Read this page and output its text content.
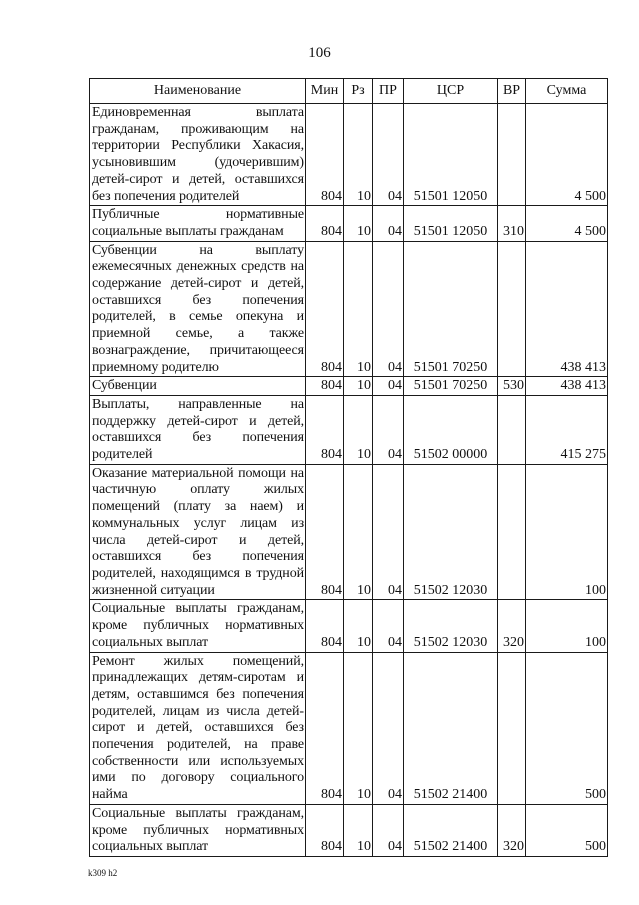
106
Наименование	Мин	Рз	ПР	ЦСР	ВР	Сумма
Единовременная выплата гражданам, проживающим на территории Республики Хакасия, усыновившим (удочерившим) детей-сирот и детей, оставшихся без попечения родителей	804	10	04	51501 12050		4 500
Публичные нормативные социальные выплаты гражданам	804	10	04	51501 12050	310	4 500
Субвенции на выплату ежемесячных денежных средств на содержание детей-сирот и детей, оставшихся без попечения родителей, в семье опекуна и приемной семье, а также вознаграждение, причитающееся приемному родителю	804	10	04	51501 70250		438 413
Субвенции	804	10	04	51501 70250	530	438 413
Выплаты, направленные на поддержку детей-сирот и детей, оставшихся без попечения родителей	804	10	04	51502 00000		415 275
Оказание материальной помощи на частичную оплату жилых помещений (плату за наем) и коммунальных услуг лицам из числа детей-сирот и детей, оставшихся без попечения родителей, находящимся в трудной жизненной ситуации	804	10	04	51502 12030		100
Социальные выплаты гражданам, кроме публичных нормативных социальных выплат	804	10	04	51502 12030	320	100
Ремонт жилых помещений, принадлежащих детям-сиротам и детям, оставшимся без попечения родителей, лицам из числа детей-сирот и детей, оставшихся без попечения родителей, на праве собственности или используемых ими по договору социального найма	804	10	04	51502 21400		500
Социальные выплаты гражданам, кроме публичных нормативных социальных выплат	804	10	04	51502 21400	320	500
k309 h2
